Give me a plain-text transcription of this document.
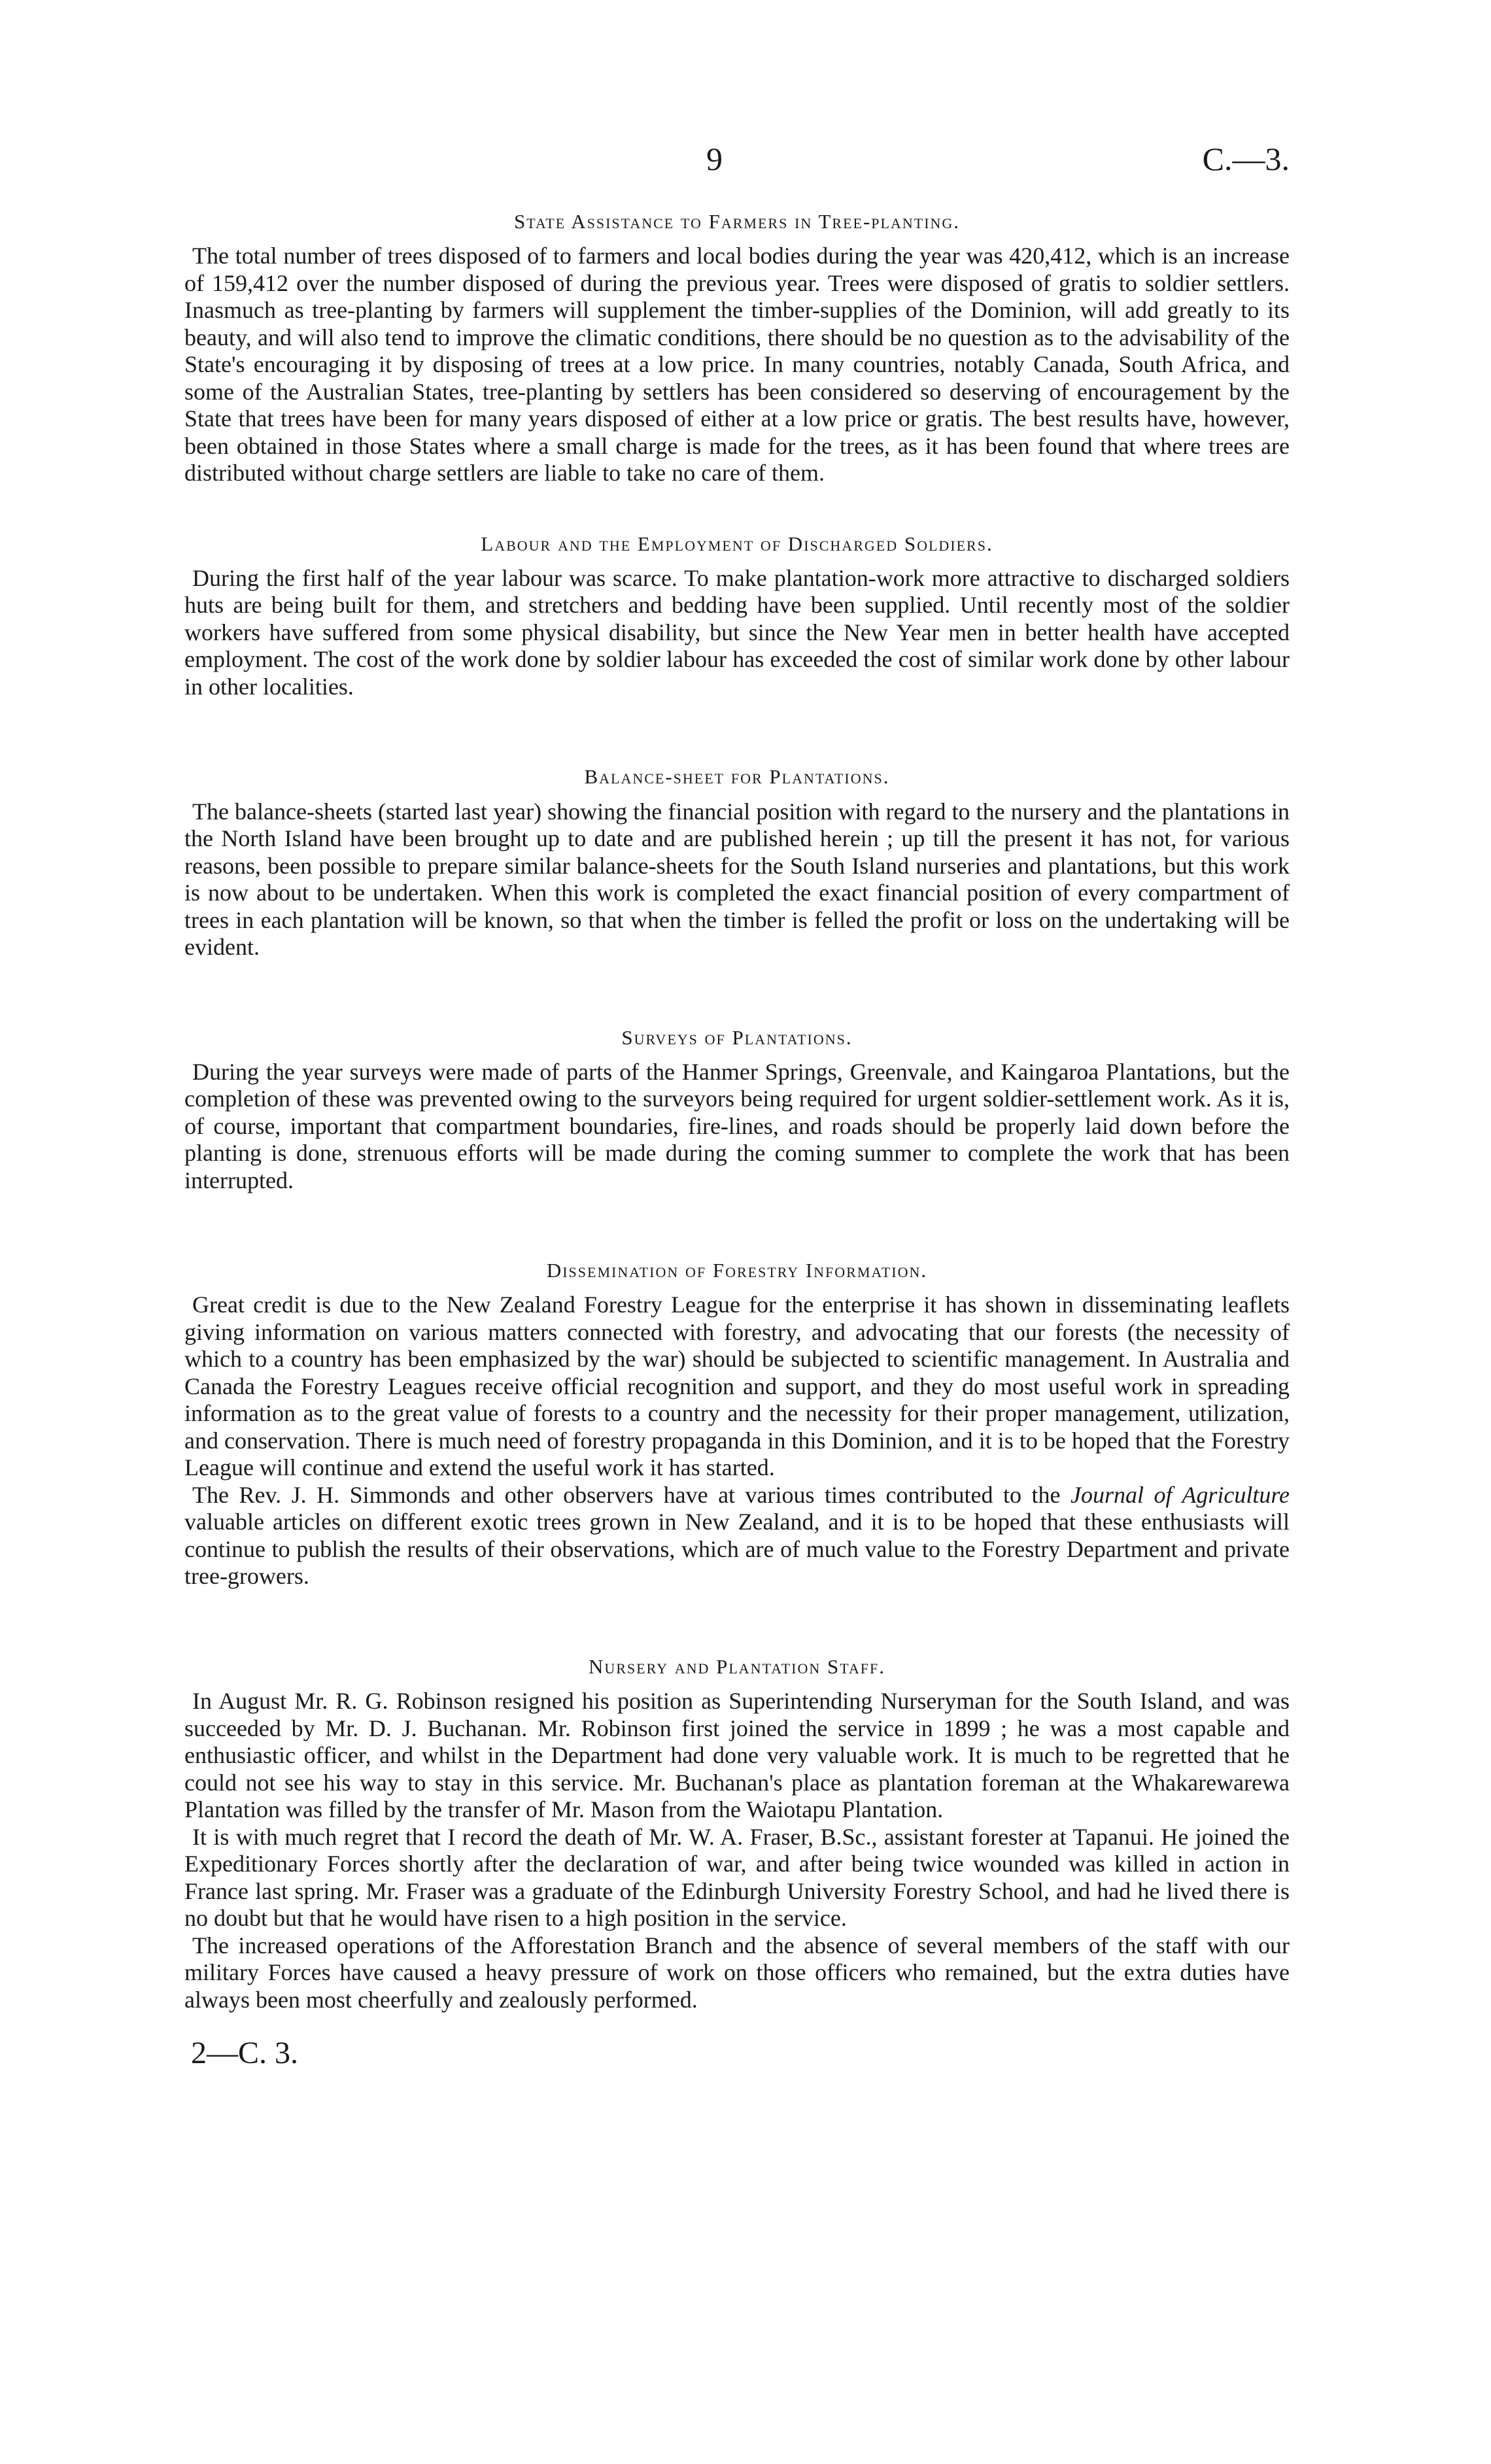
9	C.—3.
State Assistance to Farmers in Tree-planting.

The total number of trees disposed of to farmers and local bodies during the year was 420,412, which is an increase of 159,412 over the number disposed of during the previous year. Trees were disposed of gratis to soldier settlers. Inasmuch as tree-planting by farmers will supplement the timber-supplies of the Dominion, will add greatly to its beauty, and will also tend to improve the climatic conditions, there should be no question as to the advisability of the State's encouraging it by disposing of trees at a low price. In many countries, notably Canada, South Africa, and some of the Australian States, tree-planting by settlers has been considered so deserving of encouragement by the State that trees have been for many years disposed of either at a low price or gratis. The best results have, however, been obtained in those States where a small charge is made for the trees, as it has been found that where trees are distributed without charge settlers are liable to take no care of them.

Labour and the Employment of Discharged Soldiers.

During the first half of the year labour was scarce. To make plantation-work more attractive to discharged soldiers huts are being built for them, and stretchers and bedding have been supplied. Until recently most of the soldier workers have suffered from some physical disability, but since the New Year men in better health have accepted employment. The cost of the work done by soldier labour has exceeded the cost of similar work done by other labour in other localities.

Balance-sheet for Plantations.

The balance-sheets (started last year) showing the financial position with regard to the nursery and the plantations in the North Island have been brought up to date and are published herein ; up till the present it has not, for various reasons, been possible to prepare similar balance-sheets for the South Island nurseries and plantations, but this work is now about to be undertaken. When this work is completed the exact financial position of every compartment of trees in each plantation will be known, so that when the timber is felled the profit or loss on the undertaking will be evident.

Surveys of Plantations.

During the year surveys were made of parts of the Hanmer Springs, Greenvale, and Kaingaroa Plantations, but the completion of these was prevented owing to the surveyors being required for urgent soldier-settlement work. As it is, of course, important that compartment boundaries, fire-lines, and roads should be properly laid down before the planting is done, strenuous efforts will be made during the coming summer to complete the work that has been interrupted.

Dissemination of Forestry Information.

Great credit is due to the New Zealand Forestry League for the enterprise it has shown in disseminating leaflets giving information on various matters connected with forestry, and advocating that our forests (the necessity of which to a country has been emphasized by the war) should be subjected to scientific management. In Australia and Canada the Forestry Leagues receive official recognition and support, and they do most useful work in spreading information as to the great value of forests to a country and the necessity for their proper management, utilization, and conservation. There is much need of forestry propaganda in this Dominion, and it is to be hoped that the Forestry League will continue and extend the useful work it has started.

The Rev. J. H. Simmonds and other observers have at various times contributed to the Journal of Agriculture valuable articles on different exotic trees grown in New Zealand, and it is to be hoped that these enthusiasts will continue to publish the results of their observations, which are of much value to the Forestry Department and private tree-growers.

Nursery and Plantation Staff.

In August Mr. R. G. Robinson resigned his position as Superintending Nurseryman for the South Island, and was succeeded by Mr. D. J. Buchanan. Mr. Robinson first joined the service in 1899 ; he was a most capable and enthusiastic officer, and whilst in the Department had done very valuable work. It is much to be regretted that he could not see his way to stay in this service. Mr. Buchanan's place as plantation foreman at the Whakarewarewa Plantation was filled by the transfer of Mr. Mason from the Waiotapu Plantation.

It is with much regret that I record the death of Mr. W. A. Fraser, B.Sc., assistant forester at Tapanui. He joined the Expeditionary Forces shortly after the declaration of war, and after being twice wounded was killed in action in France last spring. Mr. Fraser was a graduate of the Edinburgh University Forestry School, and had he lived there is no doubt but that he would have risen to a high position in the service.

The increased operations of the Afforestation Branch and the absence of several members of the staff with our military Forces have caused a heavy pressure of work on those officers who remained, but the extra duties have always been most cheerfully and zealously performed.

2—C. 3.
